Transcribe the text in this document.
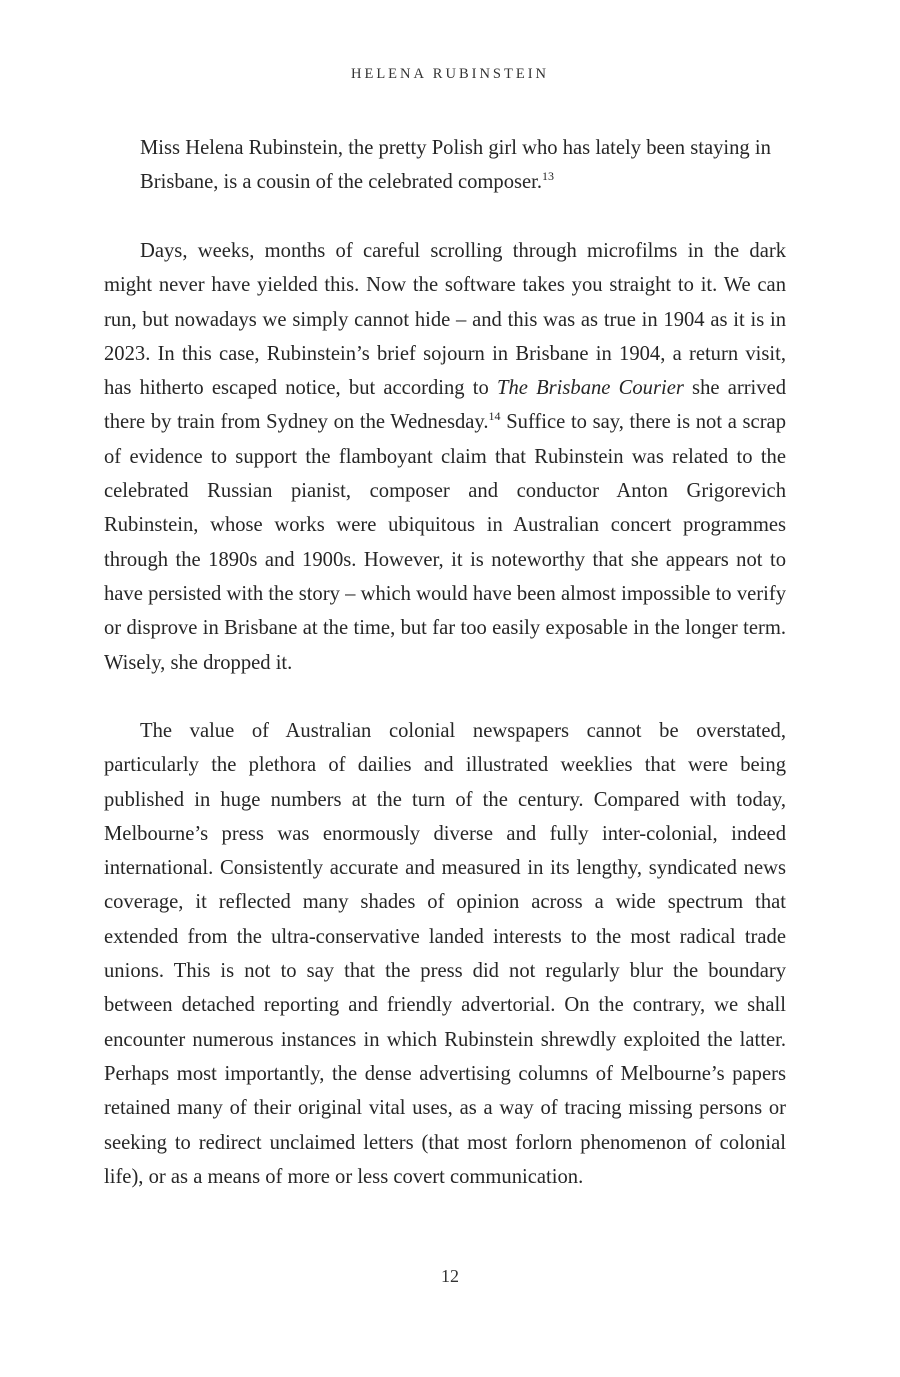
HELENA RUBINSTEIN
Miss Helena Rubinstein, the pretty Polish girl who has lately been staying in Brisbane, is a cousin of the celebrated composer.$^{13}$

Days, weeks, months of careful scrolling through microfilms in the dark might never have yielded this. Now the software takes you straight to it. We can run, but nowadays we simply cannot hide – and this was as true in 1904 as it is in 2023. In this case, Rubinstein’s brief sojourn in Brisbane in 1904, a return visit, has hitherto escaped notice, but according to The Brisbane Courier she arrived there by train from Sydney on the Wednesday.$^{14}$ Suffice to say, there is not a scrap of evidence to support the flamboyant claim that Rubinstein was related to the celebrated Russian pianist, composer and conductor Anton Grigorevich Rubinstein, whose works were ubiquitous in Australian concert programmes through the 1890s and 1900s. However, it is noteworthy that she appears not to have persisted with the story – which would have been almost impossible to verify or disprove in Brisbane at the time, but far too easily exposable in the longer term. Wisely, she dropped it.

The value of Australian colonial newspapers cannot be overstated, particularly the plethora of dailies and illustrated weeklies that were being published in huge numbers at the turn of the century. Compared with today, Melbourne’s press was enormously diverse and fully inter-colonial, indeed international. Consistently accurate and measured in its lengthy, syndicated news coverage, it reflected many shades of opinion across a wide spectrum that extended from the ultra-conservative landed interests to the most radical trade unions. This is not to say that the press did not regularly blur the boundary between detached reporting and friendly advertorial. On the contrary, we shall encounter numerous instances in which Rubinstein shrewdly exploited the latter. Perhaps most importantly, the dense advertising columns of Melbourne’s papers retained many of their original vital uses, as a way of tracing missing persons or seeking to redirect unclaimed letters (that most forlorn phenomenon of colonial life), or as a means of more or less covert communication.

12
